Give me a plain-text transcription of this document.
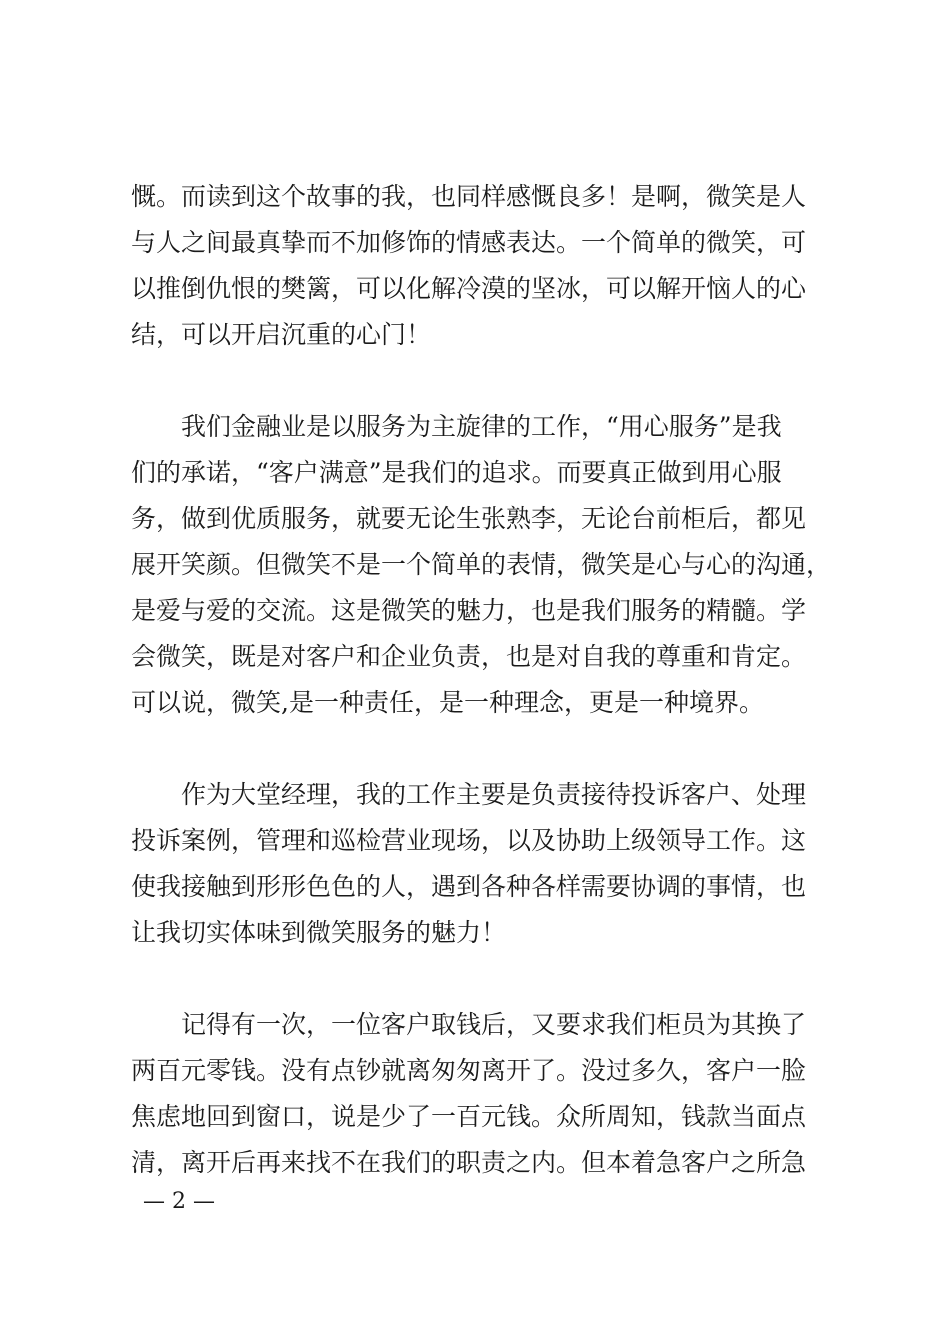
慨。而读到这个故事的我，也同样感慨良多！是啊，微笑是人
与人之间最真挚而不加修饰的情感表达。一个简单的微笑，可
以推倒仇恨的樊篱，可以化解冷漠的坚冰，可以解开恼人的心
结，可以开启沉重的心门！
我们金融业是以服务为主旋律的工作，“用心服务”是我
们的承诺，“客户满意”是我们的追求。而要真正做到用心服
务，做到优质服务，就要无论生张熟李，无论台前柜后，都见
展开笑颜。但微笑不是一个简单的表情，微笑是心与心的沟通，
是爱与爱的交流。这是微笑的魅力，也是我们服务的精髓。学
会微笑，既是对客户和企业负责，也是对自我的尊重和肯定。
可以说，微笑,是一种责任，是一种理念，更是一种境界。
作为大堂经理，我的工作主要是负责接待投诉客户、处理
投诉案例，管理和巡检营业现场，以及协助上级领导工作。这
使我接触到形形色色的人，遇到各种各样需要协调的事情，也
让我切实体味到微笑服务的魅力！
记得有一次，一位客户取钱后，又要求我们柜员为其换了
两百元零钱。没有点钞就离匆匆离开了。没过多久，客户一脸
焦虑地回到窗口，说是少了一百元钱。众所周知，钱款当面点
清，离开后再来找不在我们的职责之内。但本着急客户之所急
— 2 —
